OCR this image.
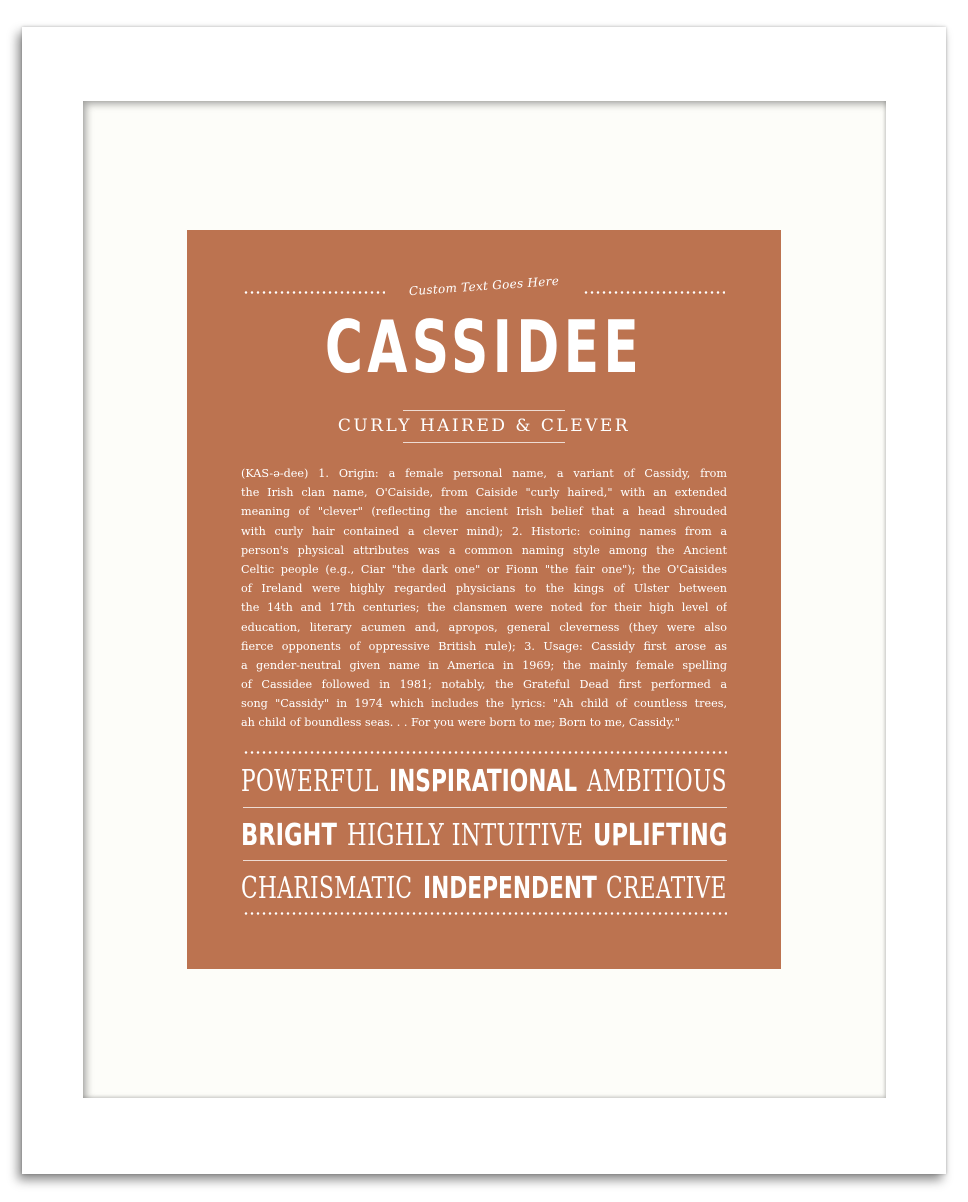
Custom Text Goes Here
CASSIDEE
CURLY HAIRED & CLEVER
(KAS-ə-dee) 1. Origin: a female personal name, a variant of Cassidy, from
the Irish clan name, O'Caiside, from Caiside "curly haired," with an extended
meaning of "clever" (reflecting the ancient Irish belief that a head shrouded
with curly hair contained a clever mind); 2. Historic: coining names from a
person's physical attributes was a common naming style among the Ancient
Celtic people (e.g., Ciar "the dark one" or Fionn "the fair one"); the O'Caisides
of Ireland were highly regarded physicians to the kings of Ulster between
the 14th and 17th centuries; the clansmen were noted for their high level of
education, literary acumen and, apropos, general cleverness (they were also
fierce opponents of oppressive British rule); 3. Usage: Cassidy first arose as
a gender-neutral given name in America in 1969; the mainly female spelling
of Cassidee followed in 1981; notably, the Grateful Dead first performed a
song "Cassidy" in 1974 which includes the lyrics: "Ah child of countless trees,
ah child of boundless seas. . . For you were born to me; Born to me, Cassidy."
POWERFUL INSPIRATIONAL AMBITIOUS
BRIGHT HIGHLY INTUITIVE UPLIFTING
CHARISMATIC INDEPENDENT CREATIVE
